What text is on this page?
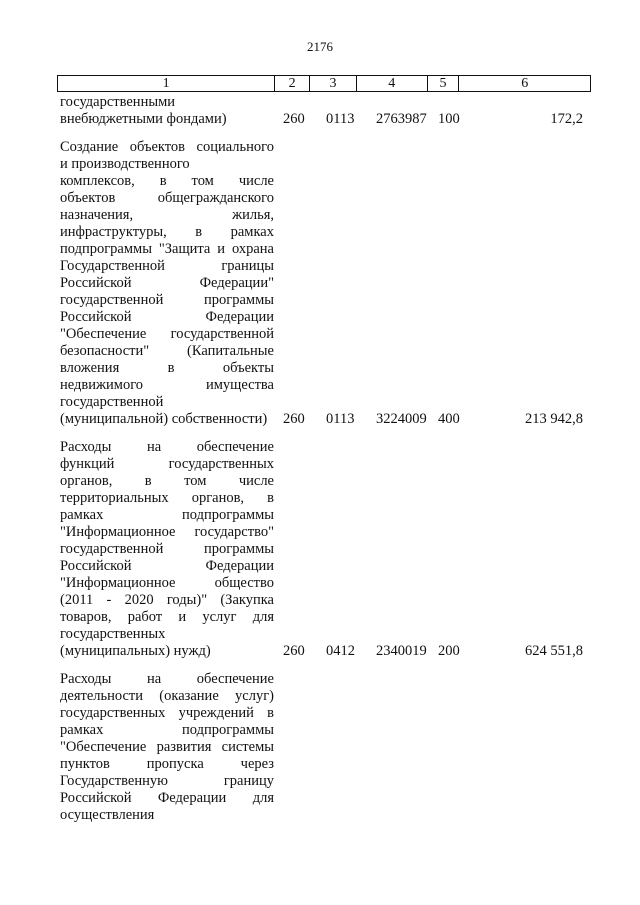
2176
1	2	3	4	5	6
государственными
внебюджетными фондами)	260 0113 2763987 100	172,2
Создание объектов социального
и производственного
комплексов, в том числе
объектов общегражданского
назначения, жилья,
инфраструктуры, в рамках
подпрограммы "Защита и охрана
Государственной границы
Российской Федерации"
государственной программы
Российской Федерации
"Обеспечение государственной
безопасности" (Капитальные
вложения в объекты
недвижимого имущества
государственной
(муниципальной) собственности)	260 0113 3224009 400	213 942,8
Расходы на обеспечение
функций государственных
органов, в том числе
территориальных органов, в
рамках подпрограммы
"Информационное государство"
государственной программы
Российской Федерации
"Информационное общество
(2011 - 2020 годы)" (Закупка
товаров, работ и услуг для
государственных
(муниципальных) нужд)	260 0412 2340019 200	624 551,8
Расходы на обеспечение
деятельности (оказание услуг)
государственных учреждений в
рамках подпрограммы
"Обеспечение развития системы
пунктов пропуска через
Государственную границу
Российской Федерации для
осуществления
